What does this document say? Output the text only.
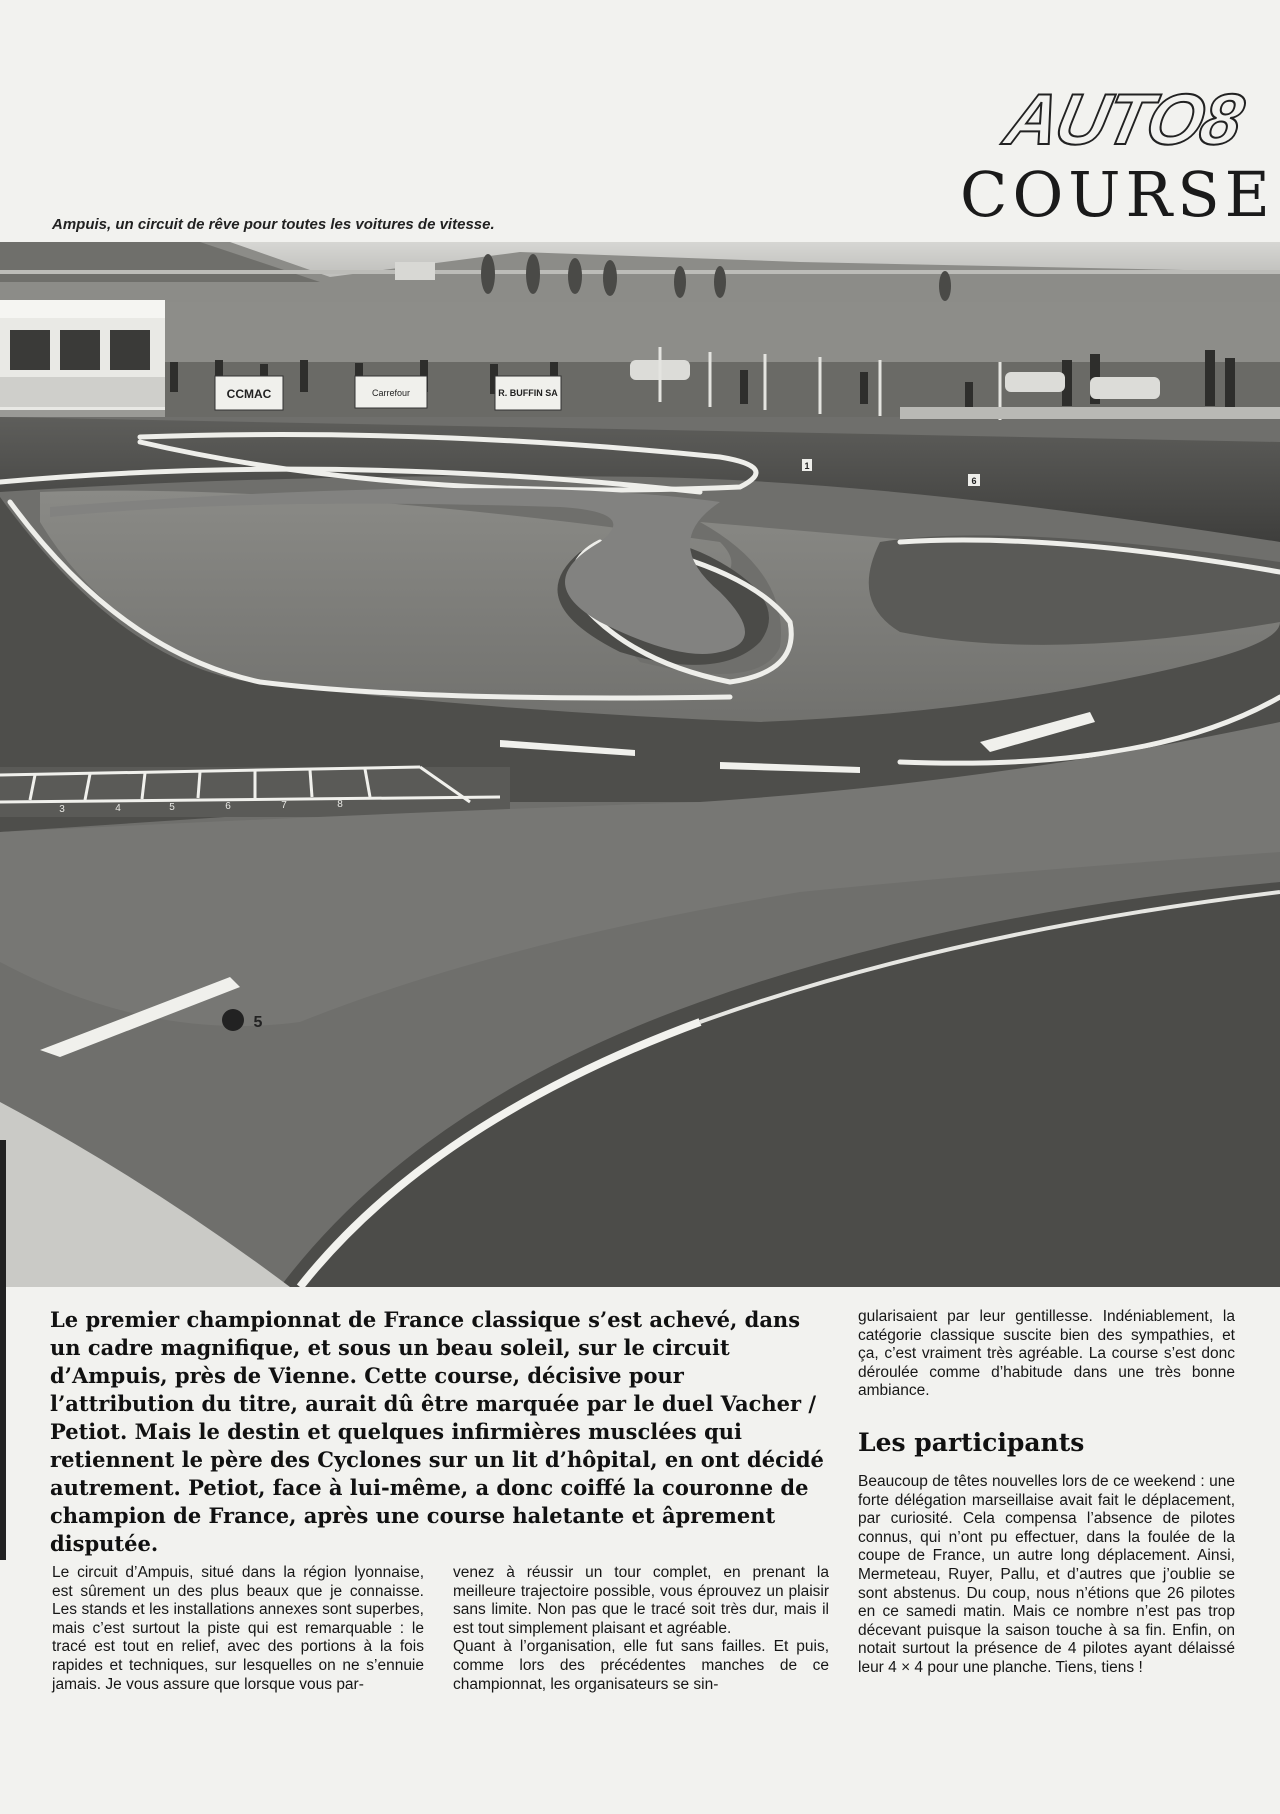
AUTO8
COURSE
Ampuis, un circuit de rêve pour toutes les voitures de vitesse.
CCMAC	Carrefour	R. BUFFIN SA
3	4	5	6	7	8
1
6
5

Le premier championnat de France classique s’est achevé, dans un cadre magnifique, et sous un beau soleil, sur le circuit d’Ampuis, près de Vienne. Cette course, décisive pour l’attribution du titre, aurait dû être marquée par le duel Vacher / Petiot. Mais le destin et quelques infirmières musclées qui retiennent le père des Cyclones sur un lit d’hôpital, en ont décidé autrement. Petiot, face à lui-même, a donc coiffé la couronne de champion de France, après une course haletante et âprement disputée.

Le circuit d’Ampuis, situé dans la région lyonnaise, est sûrement un des plus beaux que je connaisse. Les stands et les installations annexes sont superbes, mais c’est surtout la piste qui est remarquable : le tracé est tout en relief, avec des portions à la fois rapides et techniques, sur lesquelles on ne s’ennuie jamais. Je vous assure que lorsque vous par-

venez à réussir un tour complet, en prenant la meilleure trajectoire possible, vous éprouvez un plaisir sans limite. Non pas que le tracé soit très dur, mais il est tout simplement plaisant et agréable.

Quant à l’organisation, elle fut sans failles. Et puis, comme lors des précédentes manches de ce championnat, les organisateurs se sin-

gularisaient par leur gentillesse. Indéniablement, la catégorie classique suscite bien des sympathies, et ça, c’est vraiment très agréable. La course s’est donc déroulée comme d’habitude dans une très bonne ambiance.

Les participants

Beaucoup de têtes nouvelles lors de ce weekend : une forte délégation marseillaise avait fait le déplacement, par curiosité. Cela compensa l’absence de pilotes connus, qui n’ont pu effectuer, dans la foulée de la coupe de France, un autre long déplacement. Ainsi, Mermeteau, Ruyer, Pallu, et d’autres que j’oublie se sont abstenus. Du coup, nous n’étions que 26 pilotes en ce samedi matin. Mais ce nombre n’est pas trop décevant puisque la saison touche à sa fin. Enfin, on notait surtout la présence de 4 pilotes ayant délaissé leur 4 × 4 pour une planche. Tiens, tiens !
